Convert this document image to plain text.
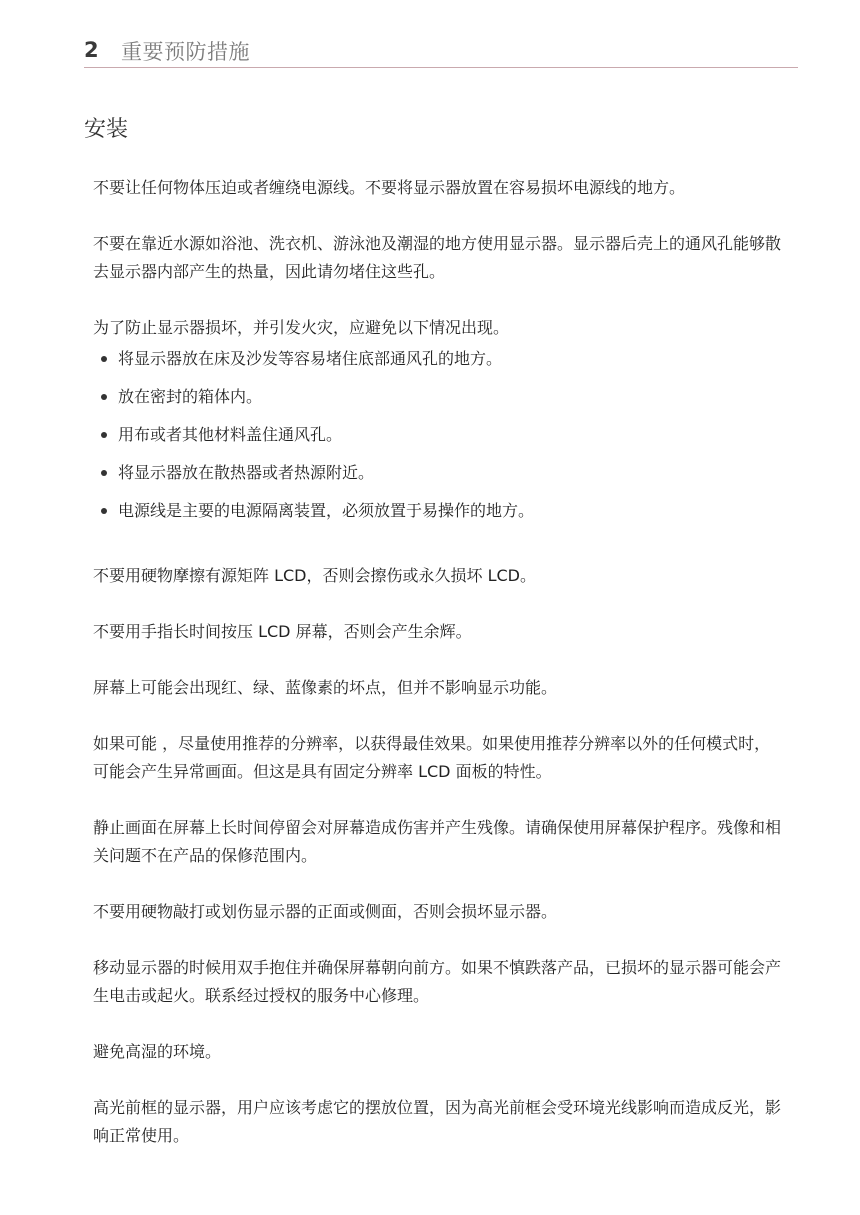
2 重要预防措施
安装

不要让任何物体压迫或者缠绕电源线。不要将显示器放置在容易损坏电源线的地方。

不要在靠近水源如浴池、洗衣机、游泳池及潮湿的地方使用显示器。显示器后壳上的通风孔能够散去显示器内部产生的热量，因此请勿堵住这些孔。

为了防止显示器损坏，并引发火灾，应避免以下情况出现。

将显示器放在床及沙发等容易堵住底部通风孔的地方。
放在密封的箱体内。
用布或者其他材料盖住通风孔。
将显示器放在散热器或者热源附近。
电源线是主要的电源隔离装置，必须放置于易操作的地方。

不要用硬物摩擦有源矩阵 LCD，否则会擦伤或永久损坏 LCD。

不要用手指长时间按压 LCD 屏幕，否则会产生余辉。

屏幕上可能会出现红、绿、蓝像素的坏点，但并不影响显示功能。

如果可能 ，尽量使用推荐的分辨率，以获得最佳效果。如果使用推荐分辨率以外的任何模式时，可能会产生异常画面。但这是具有固定分辨率 LCD 面板的特性。

静止画面在屏幕上长时间停留会对屏幕造成伤害并产生残像。请确保使用屏幕保护程序。残像和相关问题不在产品的保修范围内。

不要用硬物敲打或划伤显示器的正面或侧面，否则会损坏显示器。

移动显示器的时候用双手抱住并确保屏幕朝向前方。如果不慎跌落产品，已损坏的显示器可能会产生电击或起火。联系经过授权的服务中心修理。

避免高湿的环境。

高光前框的显示器，用户应该考虑它的摆放位置，因为高光前框会受环境光线影响而造成反光，影响正常使用。
